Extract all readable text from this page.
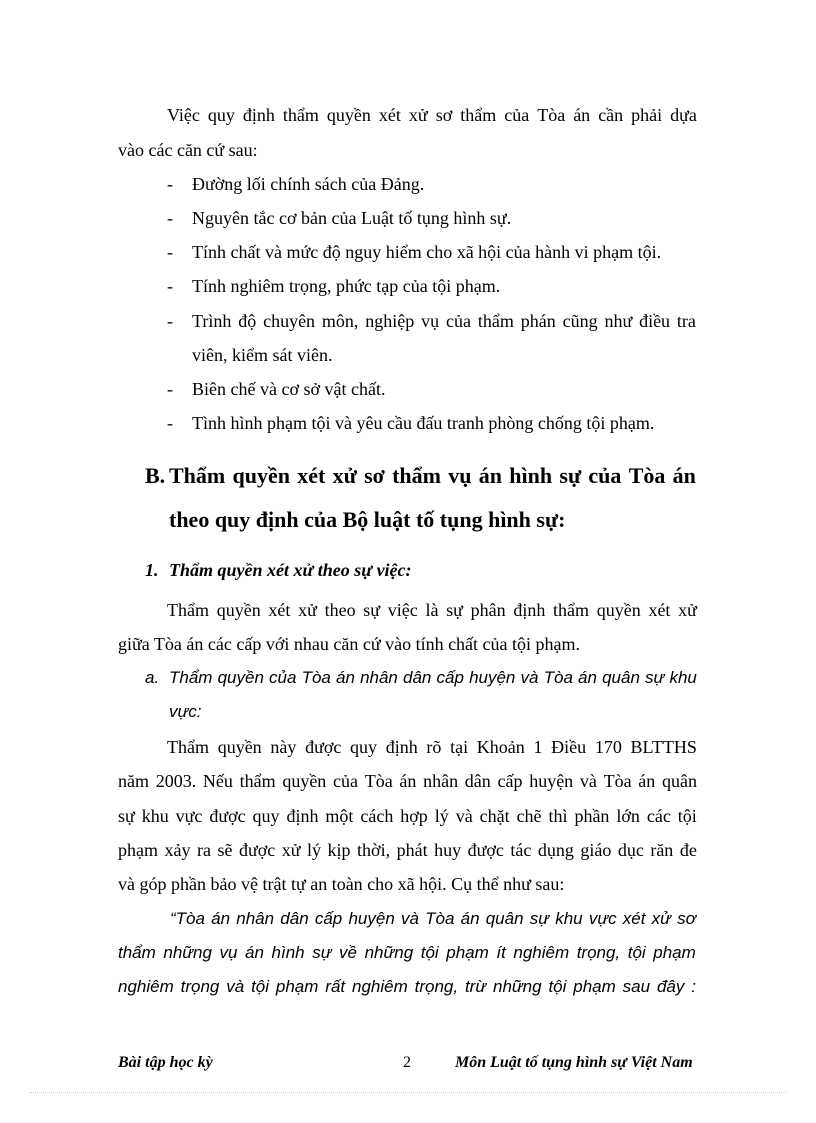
Việc quy định thẩm quyền xét xử sơ thẩm của Tòa án cần phải dựa
vào các căn cứ sau:
- Đường lối chính sách của Đảng.
- Nguyên tắc cơ bản của Luật tố tụng hình sự.
- Tính chất và mức độ nguy hiểm cho xã hội của hành vi phạm tội.
- Tính nghiêm trọng, phức tạp của tội phạm.
- Trình độ chuyên môn, nghiệp vụ của thẩm phán cũng như điều tra
viên, kiểm sát viên.
- Biên chế và cơ sở vật chất.
- Tình hình phạm tội và yêu cầu đấu tranh phòng chống tội phạm.
B. Thẩm quyền xét xử sơ thẩm vụ án hình sự của Tòa án
theo quy định của Bộ luật tố tụng hình sự:
1. Thẩm quyền xét xử theo sự việc:
Thẩm quyền xét xử theo sự việc là sự phân định thẩm quyền xét xử
giữa Tòa án các cấp với nhau căn cứ vào tính chất của tội phạm.
a. Thẩm quyền của Tòa án nhân dân cấp huyện và Tòa án quân sự khu
vực:
Thẩm quyền này được quy định rõ tại Khoản 1 Điều 170 BLTTHS
năm 2003. Nếu thẩm quyền của Tòa án nhân dân cấp huyện và Tòa án quân
sự khu vực được quy định một cách hợp lý và chặt chẽ thì phần lớn các tội
phạm xảy ra sẽ được xử lý kịp thời, phát huy được tác dụng giáo dục răn đe
và góp phần bảo vệ trật tự an toàn cho xã hội. Cụ thể như sau:
“Tòa án nhân dân cấp huyện và Tòa án quân sự khu vực xét xử sơ
thẩm những vụ án hình sự về những tội phạm ít nghiêm trọng, tội phạm
nghiêm trọng và tội phạm rất nghiêm trọng, trừ những tội phạm sau đây :
Bài tập học kỳ	2	Môn Luật tố tụng hình sự Việt Nam
